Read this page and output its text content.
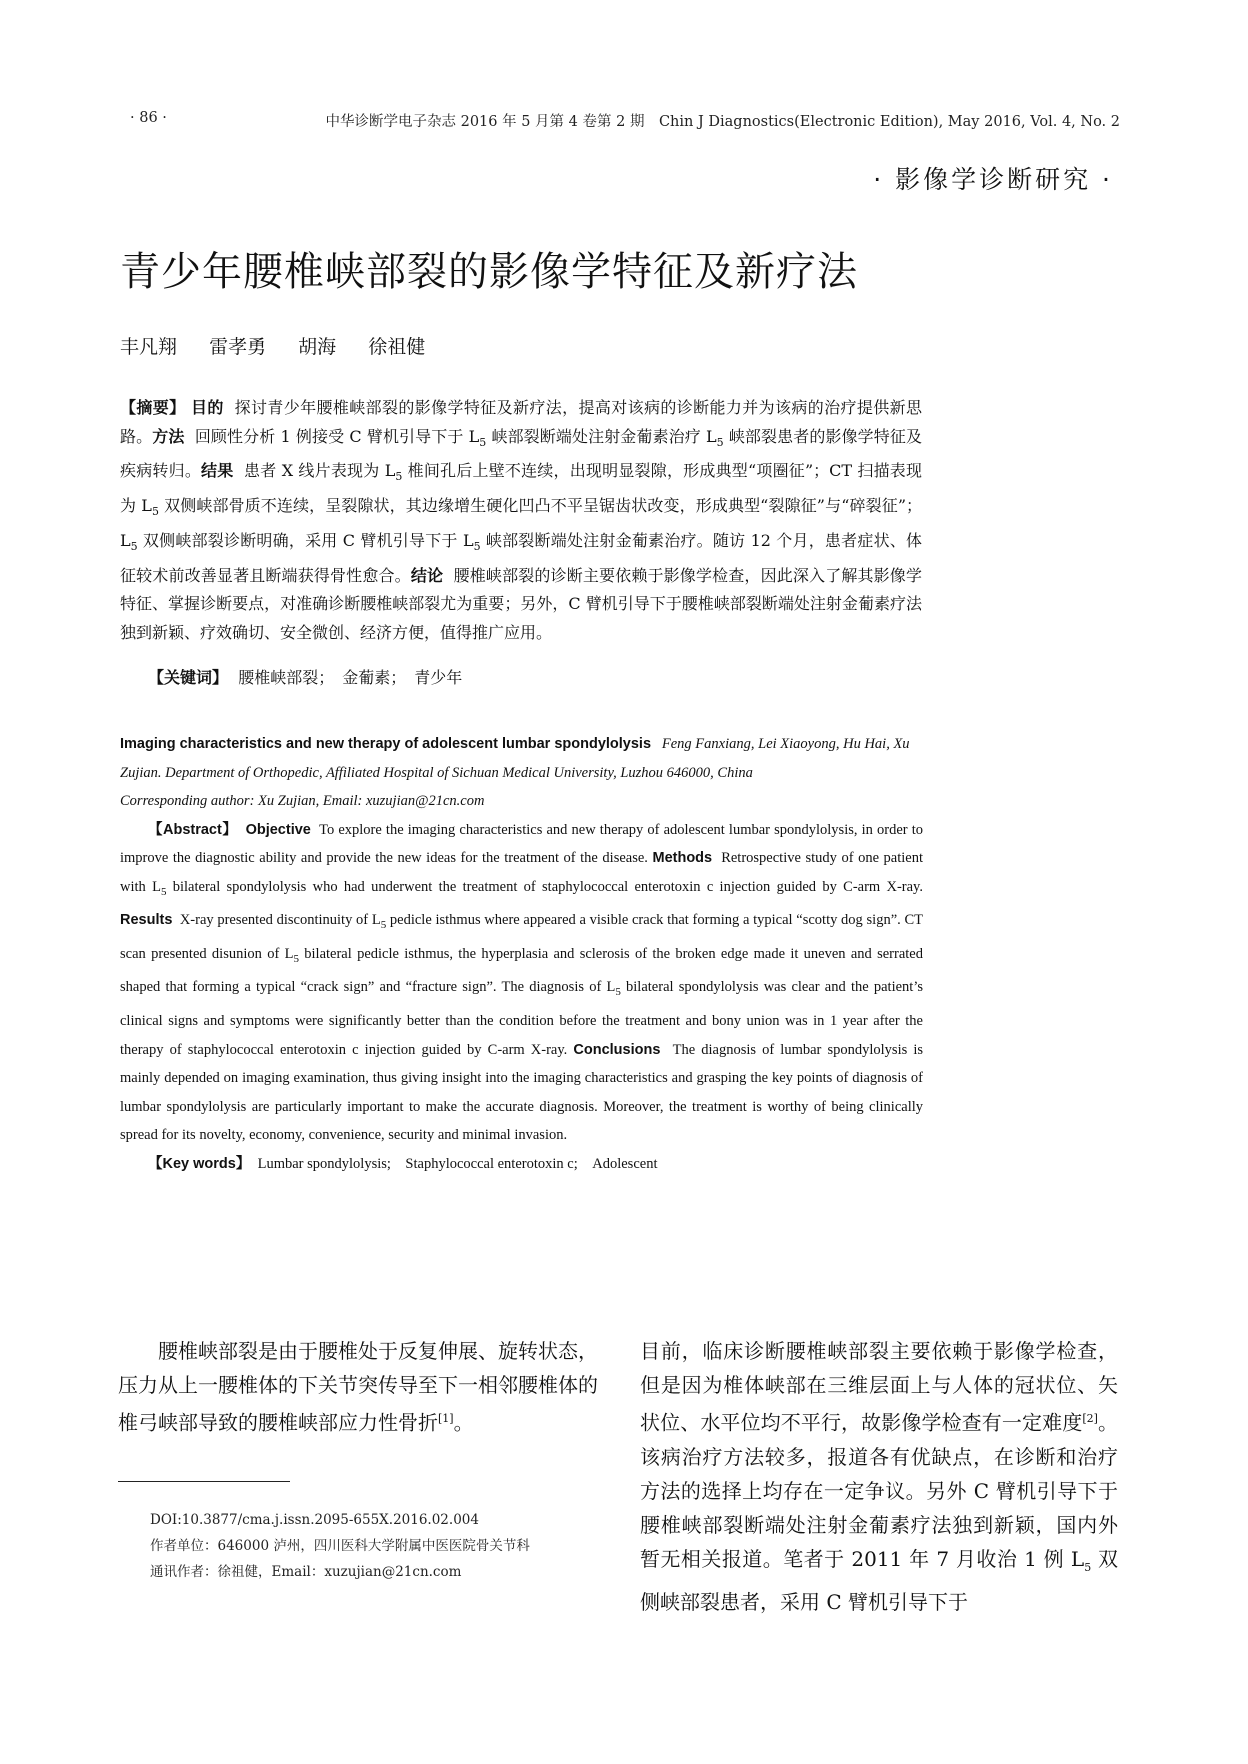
· 86 ·	中华诊断学电子杂志 2016 年 5 月第 4 卷第 2 期　Chin J Diagnostics(Electronic Edition), May 2016, Vol. 4, No. 2
· 影像学诊断研究 ·
青少年腰椎峡部裂的影像学特征及新疗法
丰凡翔 雷孝勇 胡海 徐祖健
【摘要】 目的 探讨青少年腰椎峡部裂的影像学特征及新疗法，提高对该病的诊断能力并为该病的治疗提供新思路。方法 回顾性分析 1 例接受 C 臂机引导下于 $L_5$ 峡部裂断端处注射金葡素治疗 $L_5$ 峡部裂患者的影像学特征及疾病转归。结果 患者 X 线片表现为 $L_5$ 椎间孔后上壁不连续，出现明显裂隙，形成典型“项圈征”；CT 扫描表现为 $L_5$ 双侧峡部骨质不连续，呈裂隙状，其边缘增生硬化凹凸不平呈锯齿状改变，形成典型“裂隙征”与“碎裂征”；$L_5$ 双侧峡部裂诊断明确，采用 C 臂机引导下于 $L_5$ 峡部裂断端处注射金葡素治疗。随访 12 个月，患者症状、体征较术前改善显著且断端获得骨性愈合。结论 腰椎峡部裂的诊断主要依赖于影像学检查，因此深入了解其影像学特征、掌握诊断要点，对准确诊断腰椎峡部裂尤为重要；另外，C 臂机引导下于腰椎峡部裂断端处注射金葡素疗法独到新颖、疗效确切、安全微创、经济方便，值得推广应用。
【关键词】 腰椎峡部裂；　金葡素；　青少年
Imaging characteristics and new therapy of adolescent lumbar spondylolysis Feng Fanxiang, Lei Xiaoyong, Hu Hai, Xu Zujian. Department of Orthopedic, Affiliated Hospital of Sichuan Medical University, Luzhou 646000, China
Corresponding author: Xu Zujian, Email: xuzujian@21cn.com
【Abstract】 Objective To explore the imaging characteristics and new therapy of adolescent lumbar spondylolysis, in order to improve the diagnostic ability and provide the new ideas for the treatment of the disease. Methods Retrospective study of one patient with $L_5$ bilateral spondylolysis who had underwent the treatment of staphylococcal enterotoxin c injection guided by C-arm X-ray. Results X-ray presented discontinuity of $L_5$ pedicle isthmus where appeared a visible crack that forming a typical “scotty dog sign”. CT scan presented disunion of $L_5$ bilateral pedicle isthmus, the hyperplasia and sclerosis of the broken edge made it uneven and serrated shaped that forming a typical “crack sign” and “fracture sign”. The diagnosis of $L_5$ bilateral spondylolysis was clear and the patient’s clinical signs and symptoms were significantly better than the condition before the treatment and bony union was in 1 year after the therapy of staphylococcal enterotoxin c injection guided by C-arm X-ray. Conclusions The diagnosis of lumbar spondylolysis is mainly depended on imaging examination, thus giving insight into the imaging characteristics and grasping the key points of diagnosis of lumbar spondylolysis are particularly important to make the accurate diagnosis. Moreover, the treatment is worthy of being clinically spread for its novelty, economy, convenience, security and minimal invasion.
【Key words】 Lumbar spondylolysis;　Staphylococcal enterotoxin c;　Adolescent
腰椎峡部裂是由于腰椎处于反复伸展、旋转状态，压力从上一腰椎体的下关节突传导至下一相邻腰椎体的椎弓峡部导致的腰椎峡部应力性骨折[1]。
目前，临床诊断腰椎峡部裂主要依赖于影像学检查，但是因为椎体峡部在三维层面上与人体的冠状位、矢状位、水平位均不平行，故影像学检查有一定难度[2]。该病治疗方法较多，报道各有优缺点，在诊断和治疗方法的选择上均存在一定争议。另外 C 臂机引导下于腰椎峡部裂断端处注射金葡素疗法独到新颖，国内外暂无相关报道。笔者于 2011 年 7 月收治 1 例 $L_5$ 双侧峡部裂患者，采用 C 臂机引导下于
DOI:10.3877/cma.j.issn.2095-655X.2016.02.004
作者单位：646000 泸州，四川医科大学附属中医医院骨关节科
通讯作者：徐祖健，Email：xuzujian@21cn.com
